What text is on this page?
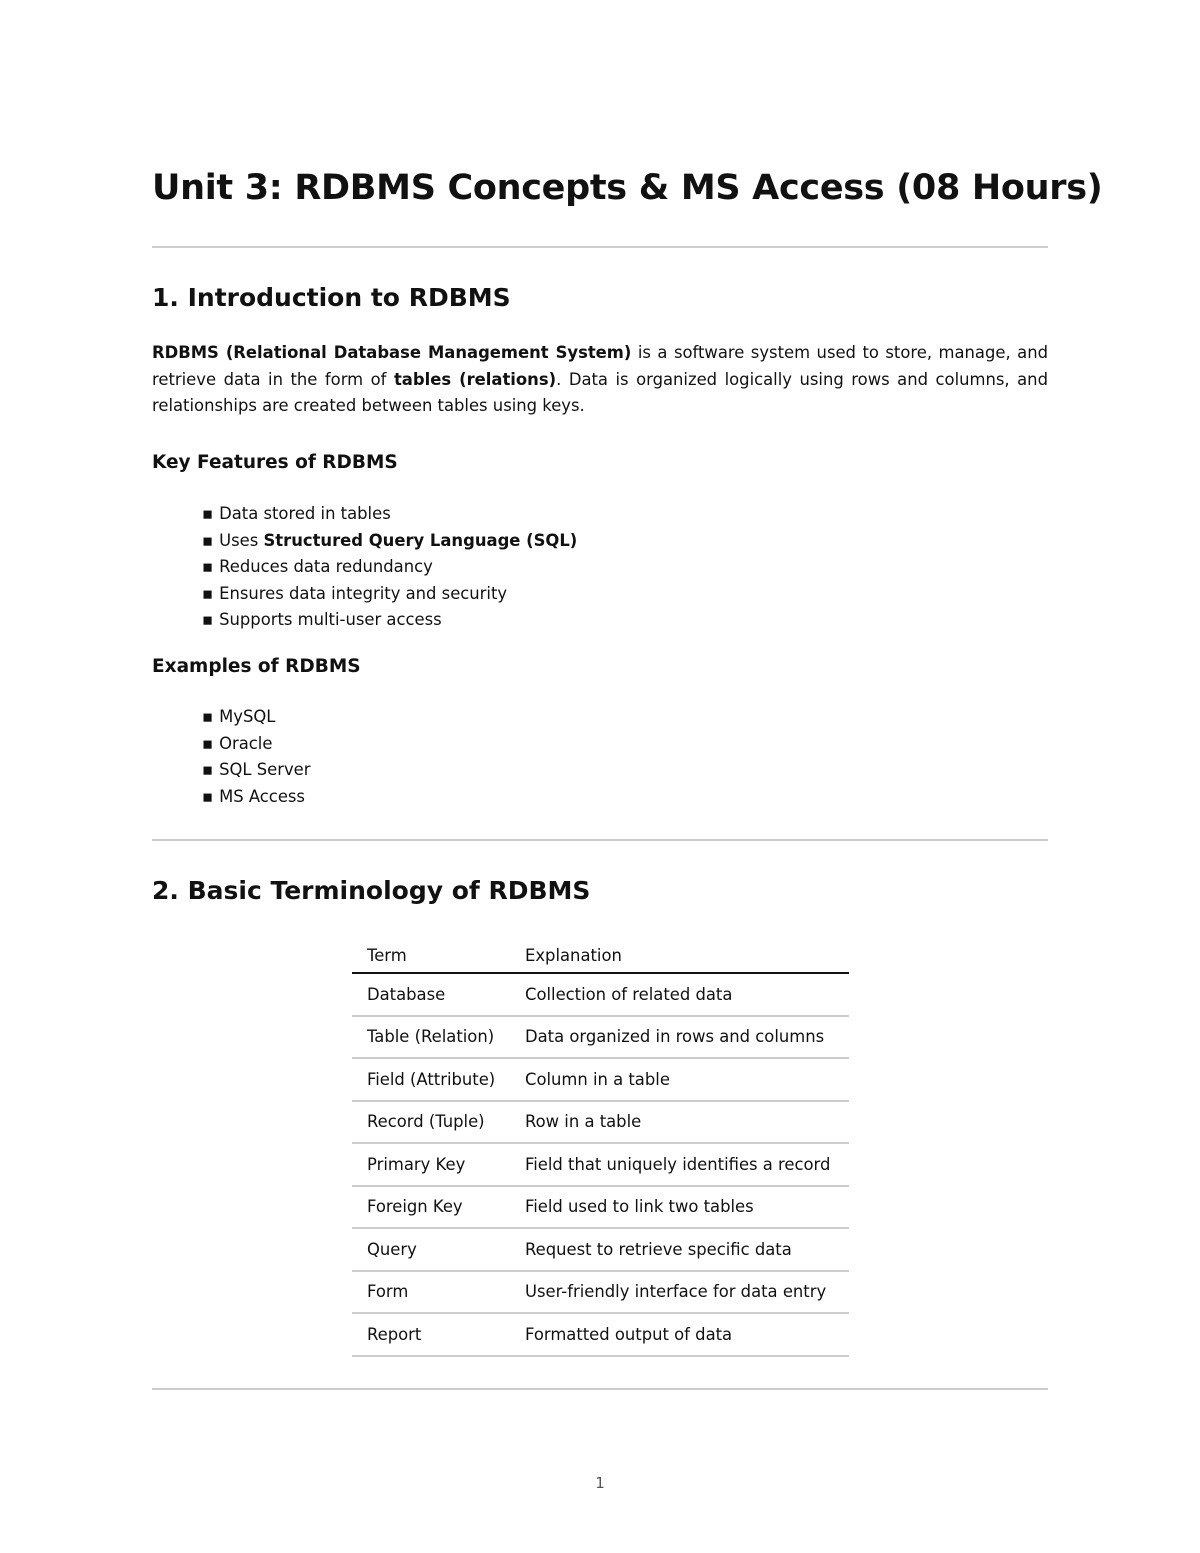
Unit 3: RDBMS Concepts & MS Access (08 Hours)
1. Introduction to RDBMS

RDBMS (Relational Database Management System) is a software system used to store, manage, and retrieve data in the form of tables (relations). Data is organized logically using rows and columns, and relationships are created between tables using keys.

Key Features of RDBMS
▪ Data stored in tables
▪ Uses Structured Query Language (SQL)
▪ Reduces data redundancy
▪ Ensures data integrity and security
▪ Supports multi-user access
Examples of RDBMS
▪ MySQL
▪ Oracle
▪ SQL Server
▪ MS Access
2. Basic Terminology of RDBMS
Term	Explanation
Database	Collection of related data
Table (Relation)	Data organized in rows and columns
Field (Attribute)	Column in a table
Record (Tuple)	Row in a table
Primary Key	Field that uniquely identifies a record
Foreign Key	Field used to link two tables
Query	Request to retrieve specific data
Form	User-friendly interface for data entry
Report	Formatted output of data
1
